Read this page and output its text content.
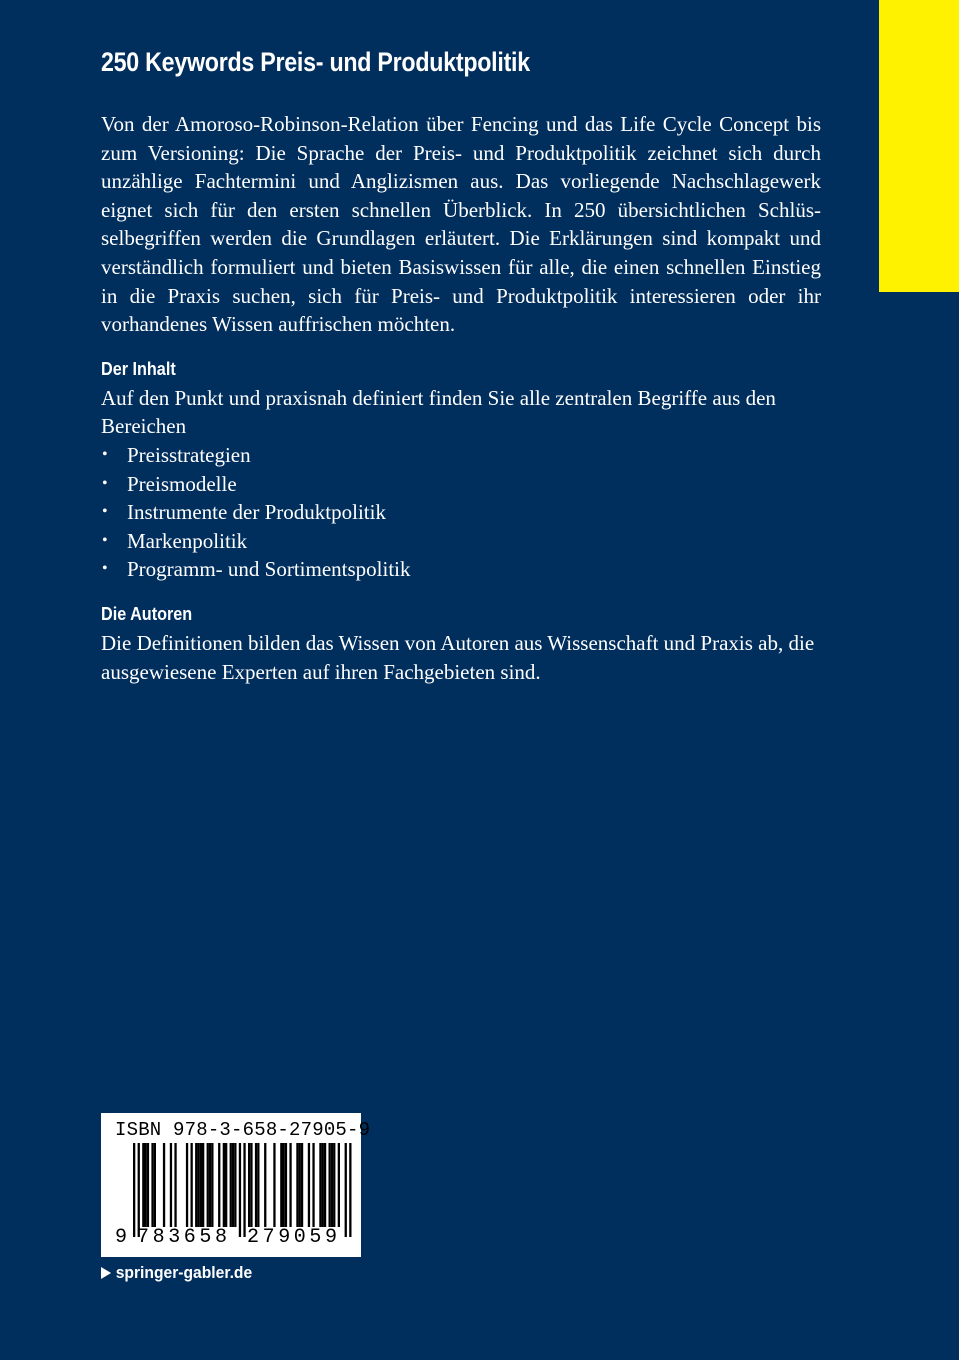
250 Keywords Preis- und Produktpolitik

Von der Amoroso-Robinson-Relation über Fencing und das Life Cycle Concept bis zum Versioning: Die Sprache der Preis- und Produktpolitik zeichnet sich durch unzählige Fachtermini und Anglizismen aus. Das vorliegende Nachschlagewerk eignet sich für den ersten schnellen Überblick. In 250 übersichtlichen Schlüsselbegriffen werden die Grundlagen erläutert. Die Erklärungen sind kompakt und verständlich formuliert und bieten Basiswissen für alle, die einen schnellen Einstieg in die Praxis suchen, sich für Preis- und Produktpolitik interessieren oder ihr vorhandenes Wissen auffrischen möchten.

Der Inhalt

Auf den Punkt und praxisnah definiert finden Sie alle zentralen Begriffe aus den Bereichen

• Preisstrategien
• Preismodelle
• Instrumente der Produktpolitik
• Markenpolitik
• Programm- und Sortimentspolitik
Die Autoren

Die Definitionen bilden das Wissen von Autoren aus Wissenschaft und Praxis ab, die ausgewiesene Experten auf ihren Fachgebieten sind.

ISBN 978-3-658-27905-9
9 783658 279059
springer-gabler.de
